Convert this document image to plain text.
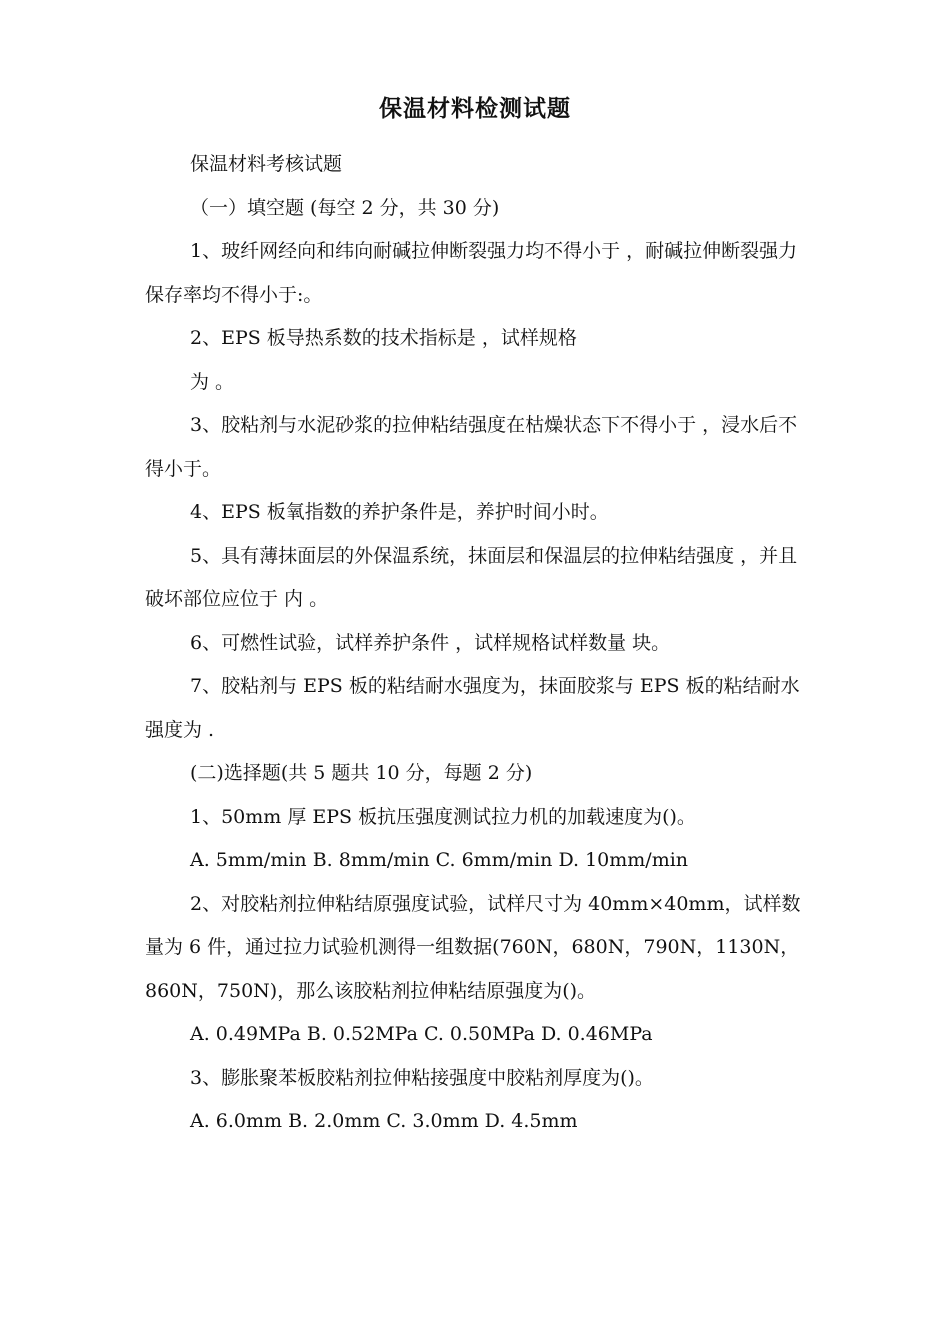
保温材料检测试题

保温材料考核试题

（一）填空题 (每空 2 分，共 30 分)

1、玻纤网经向和纬向耐碱拉伸断裂强力均不得小于 ，耐碱拉伸断裂强力保存率均不得小于:。

2、EPS 板导热系数的技术指标是 ，试样规格

为 。

3、胶粘剂与水泥砂浆的拉伸粘结强度在枯燥状态下不得小于 ，浸水后不得小于。

4、EPS 板氧指数的养护条件是，养护时间小时。

5、具有薄抹面层的外保温系统，抹面层和保温层的拉伸粘结强度 ，并且破坏部位应位于 内 。

6、可燃性试验，试样养护条件 ，试样规格试样数量 块。

7、胶粘剂与 EPS 板的粘结耐水强度为，抹面胶浆与 EPS 板的粘结耐水强度为 .

(二)选择题(共 5 题共 10 分，每题 2 分)

1、50mm 厚 EPS 板抗压强度测试拉力机的加载速度为()。

A. 5mm/min B. 8mm/min C. 6mm/min D. 10mm/min

2、对胶粘剂拉伸粘结原强度试验，试样尺寸为 40mm×40mm，试样数量为 6 件，通过拉力试验机测得一组数据(760N，680N，790N，1130N，860N，750N)，那么该胶粘剂拉伸粘结原强度为()。

A. 0.49MPa B. 0.52MPa C. 0.50MPa D. 0.46MPa

3、膨胀聚苯板胶粘剂拉伸粘接强度中胶粘剂厚度为()。

A. 6.0mm B. 2.0mm C. 3.0mm D. 4.5mm
